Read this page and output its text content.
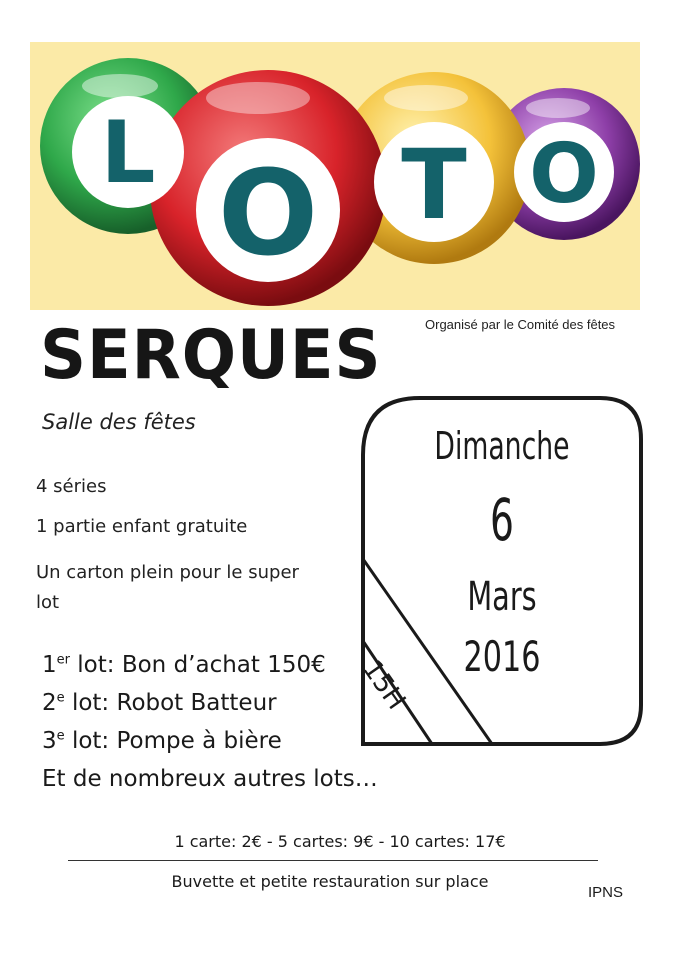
L O T O
Organisé par le Comité des fêtes
SERQUES
Salle des fêtes
4 séries
1 partie enfant gratuite
Un carton plein pour le super
lot
1er lot: Bon d’achat 150€
2e lot: Robot Batteur
3e lot: Pompe à bière
Et de nombreux autres lots…
Dimanche
6
Mars
2016
15H
1 carte: 2€ - 5 cartes: 9€ - 10 cartes: 17€
Buvette et petite restauration sur place
IPNS
